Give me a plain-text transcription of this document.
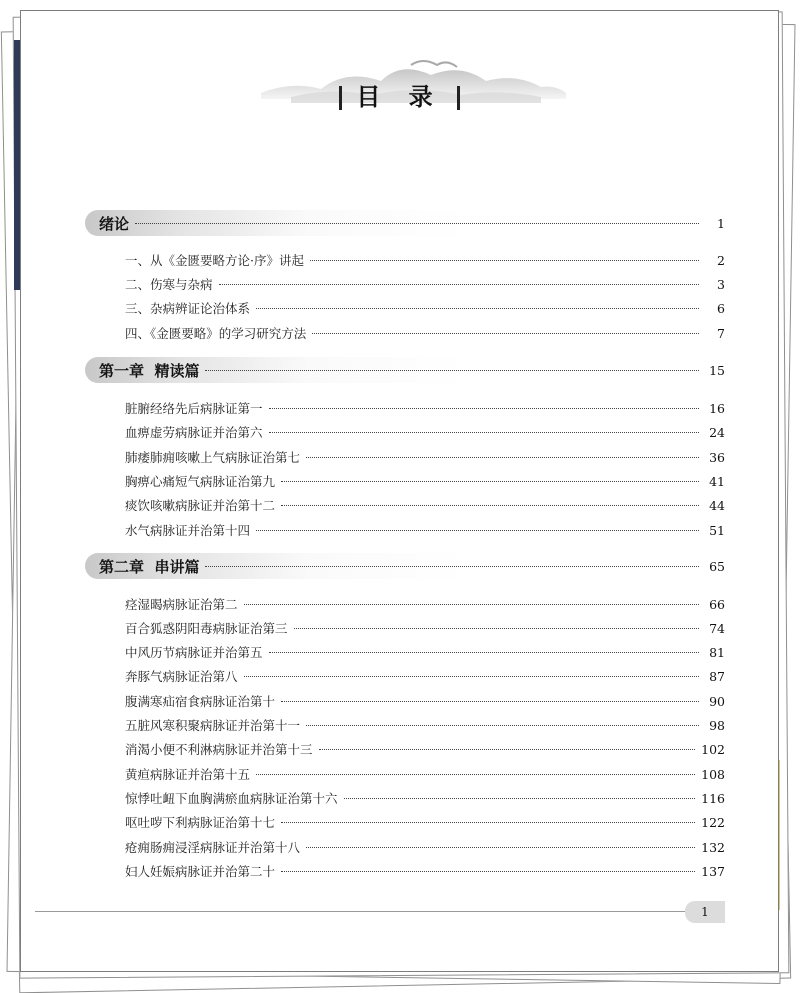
目 录
绪论	1
一、从《金匮要略方论·序》讲起	2
二、伤寒与杂病	3
三、杂病辨证论治体系	6
四、《金匮要略》的学习研究方法	7
第一章  精读篇	15
脏腑经络先后病脉证第一	16
血痹虚劳病脉证并治第六	24
肺痿肺痈咳嗽上气病脉证治第七	36
胸痹心痛短气病脉证治第九	41
痰饮咳嗽病脉证并治第十二	44
水气病脉证并治第十四	51
第二章  串讲篇	65
痉湿暍病脉证治第二	66
百合狐惑阴阳毒病脉证治第三	74
中风历节病脉证并治第五	81
奔豚气病脉证治第八	87
腹满寒疝宿食病脉证治第十	90
五脏风寒积聚病脉证并治第十一	98
消渴小便不利淋病脉证并治第十三	102
黄疸病脉证并治第十五	108
惊悸吐衄下血胸满瘀血病脉证治第十六	116
呕吐哕下利病脉证治第十七	122
疮痈肠痈浸淫病脉证并治第十八	132
妇人妊娠病脉证并治第二十	137
1
